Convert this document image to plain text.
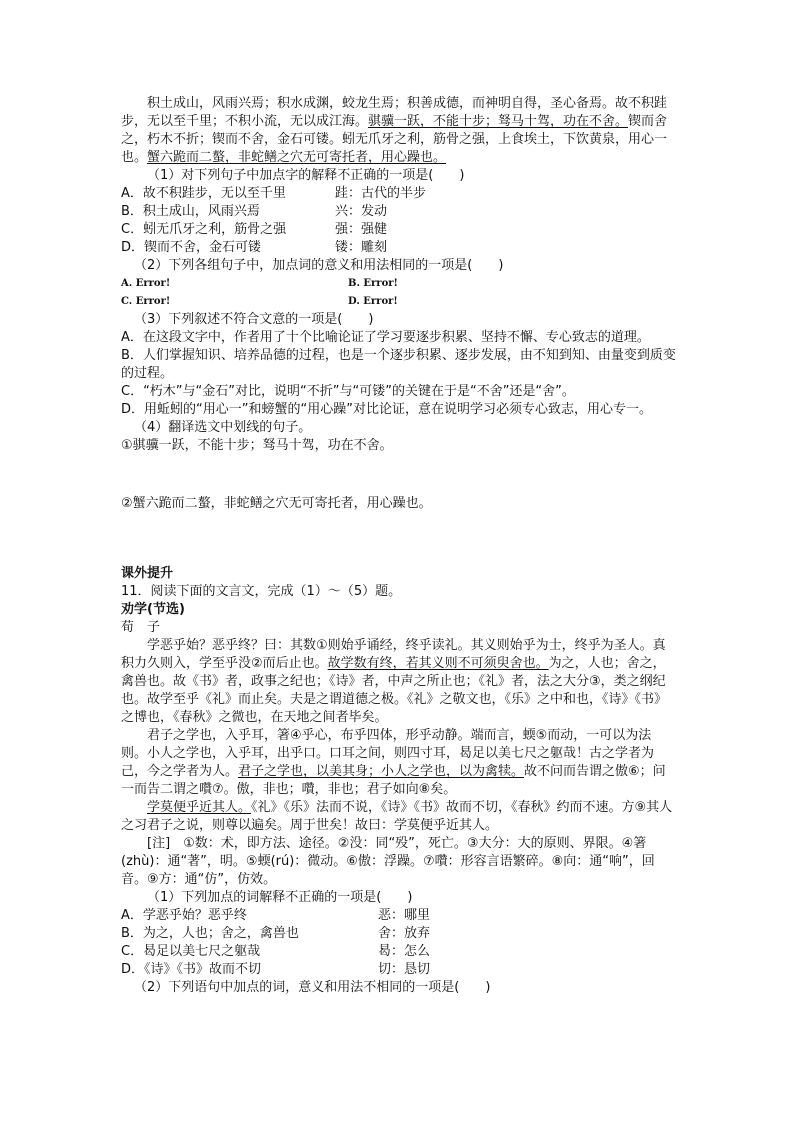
积土成山，风雨兴焉；积水成渊，蛟龙生焉；积善成德，而神明自得，圣心备焉。故不积跬步，无以至千里；不积小流，无以成江海。骐骥一跃，不能十步；驽马十驾，功在不舍。锲而舍之，朽木不折；锲而不舍，金石可镂。蚓无爪牙之利，筋骨之强，上食埃土，下饮黄泉，用心一也。蟹六跪而二螯，非蛇鳝之穴无可寄托者，用心躁也。

（1）对下列句子中加点字的解释不正确的一项是(　　)

A．故不积跬步，无以至千里	跬：古代的半步
B．积土成山，风雨兴焉	兴：发动
C．蚓无爪牙之利，筋骨之强	强：强健
D．锲而不舍，金石可镂	镂：雕刻

（2）下列各组句子中，加点词的意义和用法相同的一项是(　　)

A. Error!	B. Error!
C. Error!	D. Error!

（3）下列叙述不符合文意的一项是(　　)

A．在这段文字中，作者用了十个比喻论证了学习要逐步积累、坚持不懈、专心致志的道理。

B．人们掌握知识、培养品德的过程，也是一个逐步积累、逐步发展，由不知到知、由量变到质变的过程。

C．“朽木”与“金石”对比，说明“不折”与“可镂”的关键在于是“不舍”还是“舍”。

D．用蚯蚓的“用心一”和螃蟹的“用心躁”对比论证，意在说明学习必须专心致志，用心专一。

（4）翻译选文中划线的句子。

①骐骥一跃，不能十步；驽马十驾，功在不舍。

②蟹六跪而二螯，非蛇鳝之穴无可寄托者，用心躁也。

课外提升

11．阅读下面的文言文，完成（1）～（5）题。

劝学(节选)

荀　子

学恶乎始？恶乎终？曰：其数①则始乎诵经，终乎读礼。其义则始乎为士，终乎为圣人。真积力久则入，学至乎没②而后止也。故学数有终，若其义则不可须臾舍也。为之，人也；舍之，禽兽也。故《书》者，政事之纪也；《诗》者，中声之所止也；《礼》者，法之大分③，类之纲纪也。故学至乎《礼》而止矣。夫是之谓道德之极。《礼》之敬文也，《乐》之中和也，《诗》《书》之博也，《春秋》之微也，在天地之间者毕矣。

君子之学也，入乎耳，箸④乎心，布乎四体，形乎动静。端而言，蝡⑤而动，一可以为法则。小人之学也，入乎耳，出乎口。口耳之间，则四寸耳，曷足以美七尺之躯哉！古之学者为己，今之学者为人。君子之学也，以美其身；小人之学也，以为禽犊。故不问而告谓之傲⑥；问一而告二谓之囋⑦。傲，非也；囋，非也；君子如向⑧矣。

学莫便乎近其人。《礼》《乐》法而不说，《诗》《书》故而不切，《春秋》约而不速。方⑨其人之习君子之说，则尊以遍矣。周于世矣！故曰：学莫便乎近其人。

[注]　①数：术，即方法、途径。②没：同“殁”，死亡。③大分：大的原则、界限。④箸(zhù)：通“著”，明。⑤蝡(rú)：微动。⑥傲：浮躁。⑦囋：形容言语繁碎。⑧向：通“响”，回音。⑨方：通“仿”，仿效。

（1）下列加点的词解释不正确的一项是(　　)

A．学恶乎始？恶乎终	恶：哪里
B．为之，人也；舍之，禽兽也	舍：放弃
C．曷足以美七尺之躯哉	曷：怎么
D．《诗》《书》故而不切	切：恳切

（2）下列语句中加点的词，意义和用法不相同的一项是(　　)
